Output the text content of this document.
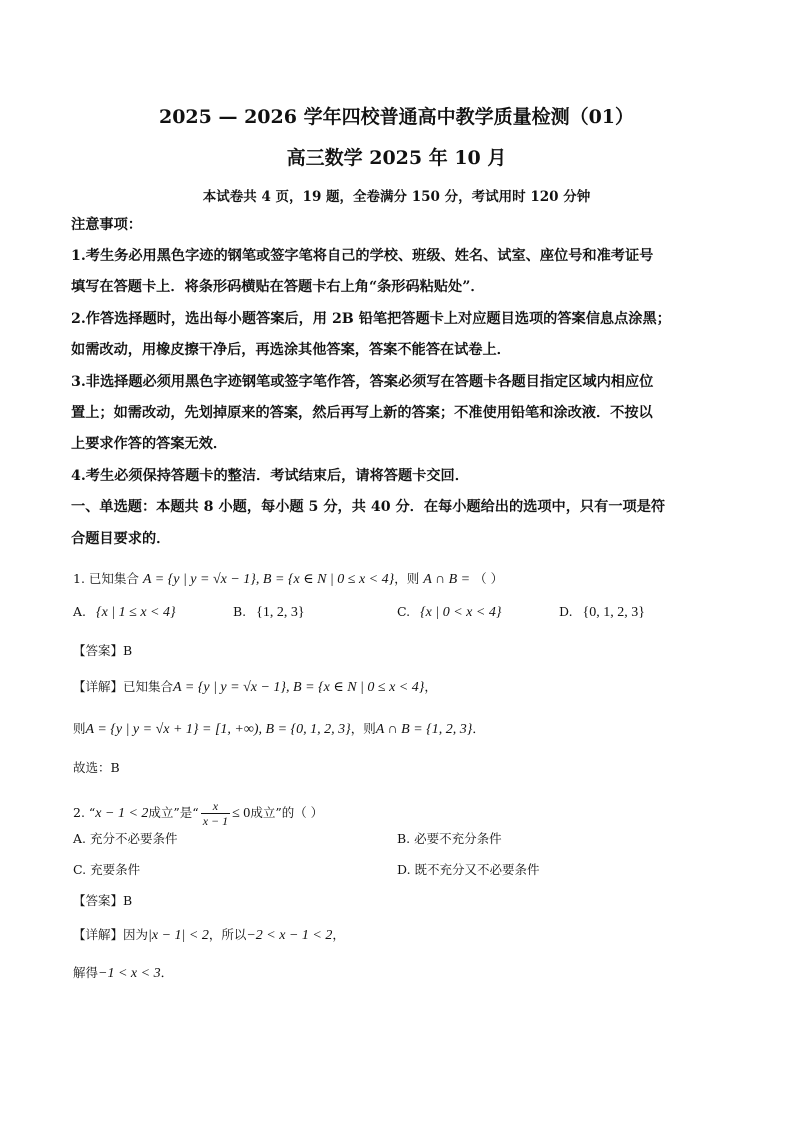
2025 — 2026 学年四校普通高中教学质量检测（01）
高三数学 2025 年 10 月
本试卷共 4 页，19 题，全卷满分 150 分，考试用时 120 分钟
注意事项：
1.考生务必用黑色字迹的钢笔或签字笔将自己的学校、班级、姓名、试室、座位号和准考证号
填写在答题卡上．将条形码横贴在答题卡右上角“条形码粘贴处”．
2.作答选择题时，选出每小题答案后，用 2B 铅笔把答题卡上对应题目选项的答案信息点涂黑；
如需改动，用橡皮擦干净后，再选涂其他答案，答案不能答在试卷上．
3.非选择题必须用黑色字迹钢笔或签字笔作答，答案必须写在答题卡各题目指定区域内相应位
置上；如需改动，先划掉原来的答案，然后再写上新的答案；不准使用铅笔和涂改液．不按以
上要求作答的答案无效．
4.考生必须保持答题卡的整洁．考试结束后，请将答题卡交回．
一、单选题：本题共 8 小题，每小题 5 分，共 40 分．在每小题给出的选项中，只有一项是符
合题目要求的．
1. 已知集合 A = {y | y = √x − 1}, B = {x ∈ N | 0 ≤ x < 4}，则 A ∩ B = （ ）
A. {x | 1 ≤ x < 4}	B. {1, 2, 3}	C. {x | 0 < x < 4}	D. {0, 1, 2, 3}
【答案】B
【详解】已知集合A = {y | y = √x − 1}, B = {x ∈ N | 0 ≤ x < 4}，
则A = {y | y = √x + 1} = [1, +∞), B = {0, 1, 2, 3}，则A ∩ B = {1, 2, 3}．
故选：B
2. “x − 1 < 2成立”是“ $\frac{x}{x - 1} \le 0$成立”的（ ）
A. 充分不必要条件	B. 必要不充分条件
C. 充要条件	D. 既不充分又不必要条件
【答案】B
【详解】因为|x − 1| < 2，所以−2 < x − 1 < 2，
解得−1 < x < 3．
